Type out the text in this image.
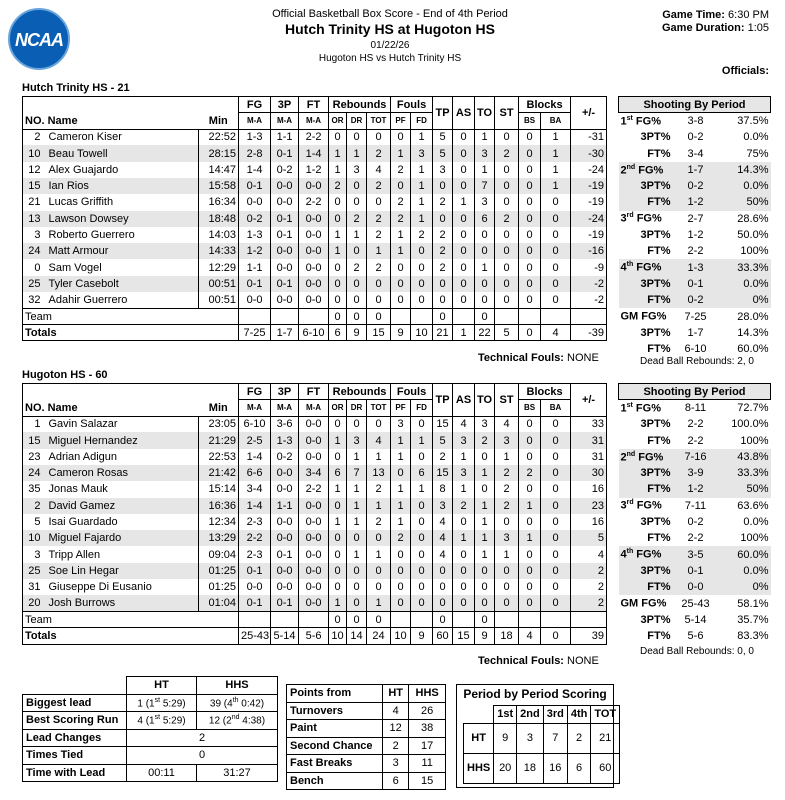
NCAA
Official Basketball Box Score - End of 4th Period
Hutch Trinity HS at Hugoton HS
01/22/26
Hugoton HS vs Hutch Trinity HS
Game Time: 6:30 PM
Game Duration: 1:05
Officials:
Hutch Trinity HS - 21
			FG	3P	FT	Rebounds			Fouls		TP	AS	TO	ST	Blocks		+/-
NO. Name		Min	M-A	M-A	M-A	OR	DR	TOT	PF	FD					BS	BA	
2	Cameron Kiser	22:52	1-3	1-1	2-2	0	0	0	0	1	5	0	1	0	0	1	-31
10	Beau Towell	28:15	2-8	0-1	1-4	1	1	2	1	3	5	0	3	2	0	1	-30
12	Alex Guajardo	14:47	1-4	0-2	1-2	1	3	4	2	1	3	0	1	0	0	1	-24
15	Ian Rios	15:58	0-1	0-0	0-0	2	0	2	0	1	0	0	7	0	0	1	-19
21	Lucas Griffith	16:34	0-0	0-0	2-2	0	0	0	2	1	2	1	3	0	0	0	-19
13	Lawson Dowsey	18:48	0-2	0-1	0-0	0	2	2	2	1	0	0	6	2	0	0	-24
3	Roberto Guerrero	14:03	1-3	0-1	0-0	1	1	2	1	2	2	0	0	0	0	0	-19
24	Matt Armour	14:33	1-2	0-0	0-0	1	0	1	1	0	2	0	0	0	0	0	-16
0	Sam Vogel	12:29	1-1	0-0	0-0	0	2	2	0	0	2	0	1	0	0	0	-9
25	Tyler Casebolt	00:51	0-1	0-1	0-0	0	0	0	0	0	0	0	0	0	0	0	-2
32	Adahir Guerrero	00:51	0-0	0-0	0-0	0	0	0	0	0	0	0	0	0	0	0	-2
Team						0	0	0			0		0				
Totals			7-25	1-7	6-10	6	9	15	9	10	21	1	22	5	0	4	-39
Shooting By Period		
1st FG%	3-8	37.5%
3PT%	0-2	0.0%
FT%	3-4	75%
2nd FG%	1-7	14.3%
3PT%	0-2	0.0%
FT%	1-2	50%
3rd FG%	2-7	28.6%
3PT%	1-2	50.0%
FT%	2-2	100%
4th FG%	1-3	33.3%
3PT%	0-1	0.0%
FT%	0-2	0%
GM FG%	7-25	28.0%
3PT%	1-7	14.3%
FT%	6-10	60.0%
Technical Fouls: NONE	Dead Ball Rebounds: 2, 0
Hugoton HS - 60
			FG	3P	FT	Rebounds			Fouls		TP	AS	TO	ST	Blocks		+/-
NO. Name		Min	M-A	M-A	M-A	OR	DR	TOT	PF	FD					BS	BA	
1	Gavin Salazar	23:05	6-10	3-6	0-0	0	0	0	3	0	15	4	3	4	0	0	33
15	Miguel Hernandez	21:29	2-5	1-3	0-0	1	3	4	1	1	5	3	2	3	0	0	31
23	Adrian Adigun	22:53	1-4	0-2	0-0	0	1	1	1	0	2	1	0	1	0	0	31
24	Cameron Rosas	21:42	6-6	0-0	3-4	6	7	13	0	6	15	3	1	2	2	0	30
35	Jonas Mauk	15:14	3-4	0-0	2-2	1	1	2	1	1	8	1	0	2	0	0	16
2	David Gamez	16:36	1-4	1-1	0-0	0	1	1	1	0	3	2	1	2	1	0	23
5	Isai Guardado	12:34	2-3	0-0	0-0	1	1	2	1	0	4	0	1	0	0	0	16
10	Miguel Fajardo	13:29	2-2	0-0	0-0	0	0	0	2	0	4	1	1	3	1	0	5
3	Tripp Allen	09:04	2-3	0-1	0-0	0	1	1	0	0	4	0	1	1	0	0	4
25	Soe Lin Hegar	01:25	0-1	0-0	0-0	0	0	0	0	0	0	0	0	0	0	0	2
31	Giuseppe Di Eusanio	01:25	0-0	0-0	0-0	0	0	0	0	0	0	0	0	0	0	0	2
20	Josh Burrows	01:04	0-1	0-1	0-0	1	0	1	0	0	0	0	0	0	0	0	2
Team						0	0	0			0		0				
Totals			25-43	5-14	5-6	10	14	24	10	9	60	15	9	18	4	0	39
Shooting By Period		
1st FG%	8-11	72.7%
3PT%	2-2	100.0%
FT%	2-2	100%
2nd FG%	7-16	43.8%
3PT%	3-9	33.3%
FT%	1-2	50%
3rd FG%	7-11	63.6%
3PT%	0-2	0.0%
FT%	2-2	100%
4th FG%	3-5	60.0%
3PT%	0-1	0.0%
FT%	0-0	0%
GM FG%	25-43	58.1%
3PT%	5-14	35.7%
FT%	5-6	83.3%
Technical Fouls: NONE
Dead Ball Rebounds: 0, 0
	HT	HHS
Biggest lead	1 (1st 5:29)	39 (4th 0:42)
Best Scoring Run	4 (1st 5:29)	12 (2nd 4:38)
Lead Changes	2	
Times Tied	0	
Time with Lead	00:11	31:27
Points from	HT	HHS
Turnovers	4	26
Paint	12	38
Second Chance	2	17
Fast Breaks	3	11
Bench	6	15
Period by Period Scoring
	1st	2nd	3rd	4th	TOT
HT	9	3	7	2	21
HHS	20	18	16	6	60
